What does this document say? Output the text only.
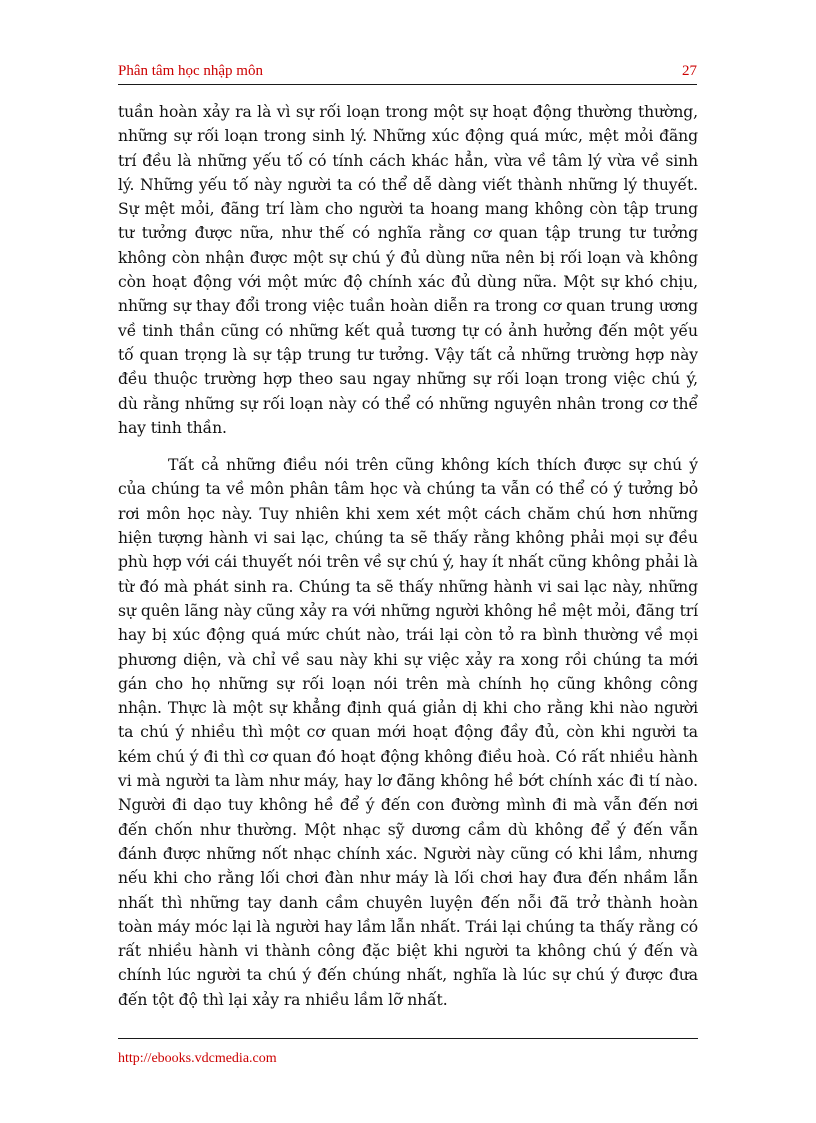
Phân tâm học nhập môn	27

tuần hoàn xảy ra là vì sự rối loạn trong một sự hoạt động thường thường, những sự rối loạn trong sinh lý. Những xúc động quá mức, mệt mỏi đãng trí đều là những yếu tố có tính cách khác hẳn, vừa về tâm lý vừa về sinh lý. Những yếu tố này người ta có thể dễ dàng viết thành những lý thuyết. Sự mệt mỏi, đãng trí làm cho người ta hoang mang không còn tập trung tư tưởng được nữa, như thế có nghĩa rằng cơ quan tập trung tư tưởng không còn nhận được một sự chú ý đủ dùng nữa nên bị rối loạn và không còn hoạt động với một mức độ chính xác đủ dùng nữa. Một sự khó chịu, những sự thay đổi trong việc tuần hoàn diễn ra trong cơ quan trung ương về tinh thần cũng có những kết quả tương tự có ảnh hưởng đến một yếu tố quan trọng là sự tập trung tư tưởng. Vậy tất cả những trường hợp này đều thuộc trường hợp theo sau ngay những sự rối loạn trong việc chú ý, dù rằng những sự rối loạn này có thể có những nguyên nhân trong cơ thể hay tinh thần.

Tất cả những điều nói trên cũng không kích thích được sự chú ý của chúng ta về môn phân tâm học và chúng ta vẫn có thể có ý tưởng bỏ rơi môn học này. Tuy nhiên khi xem xét một cách chăm chú hơn những hiện tượng hành vi sai lạc, chúng ta sẽ thấy rằng không phải mọi sự đều phù hợp với cái thuyết nói trên về sự chú ý, hay ít nhất cũng không phải là từ đó mà phát sinh ra. Chúng ta sẽ thấy những hành vi sai lạc này, những sự quên lãng này cũng xảy ra với những người không hề mệt mỏi, đãng trí hay bị xúc động quá mức chút nào, trái lại còn tỏ ra bình thường về mọi phương diện, và chỉ về sau này khi sự việc xảy ra xong rồi chúng ta mới gán cho họ những sự rối loạn nói trên mà chính họ cũng không công nhận. Thực là một sự khẳng định quá giản dị khi cho rằng khi nào người ta chú ý nhiều thì một cơ quan mới hoạt động đầy đủ, còn khi người ta kém chú ý đi thì cơ quan đó hoạt động không điều hoà. Có rất nhiều hành vi mà người ta làm như máy, hay lơ đãng không hề bớt chính xác đi tí nào. Người đi dạo tuy không hề để ý đến con đường mình đi mà vẫn đến nơi đến chốn như thường. Một nhạc sỹ dương cầm dù không để ý đến vẫn đánh được những nốt nhạc chính xác. Người này cũng có khi lầm, nhưng nếu khi cho rằng lối chơi đàn như máy là lối chơi hay đưa đến nhầm lẫn nhất thì những tay danh cầm chuyên luyện đến nỗi đã trở thành hoàn toàn máy móc lại là người hay lầm lẫn nhất. Trái lại chúng ta thấy rằng có rất nhiều hành vi thành công đặc biệt khi người ta không chú ý đến và chính lúc người ta chú ý đến chúng nhất, nghĩa là lúc sự chú ý được đưa đến tột độ thì lại xảy ra nhiều lầm lỡ nhất.

http://ebooks.vdcmedia.com
